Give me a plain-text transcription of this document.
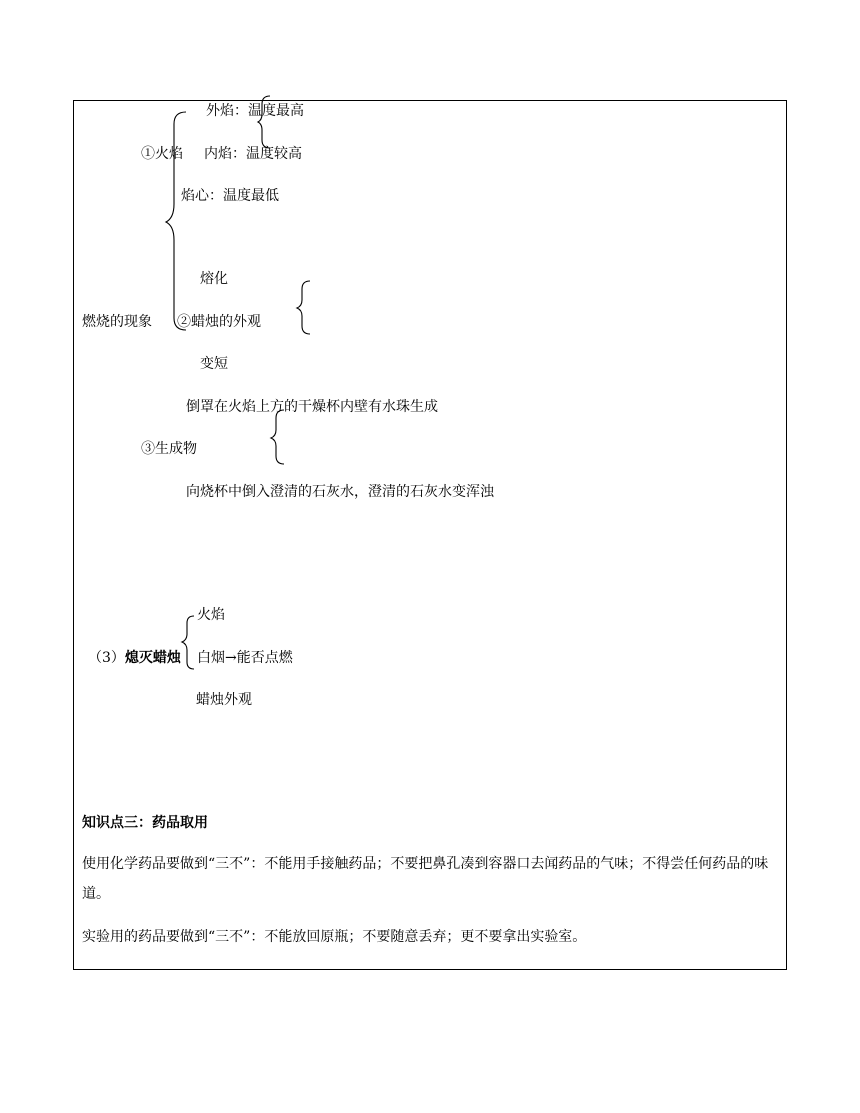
外焰：温度最高
①火焰 内焰：温度较高
焰心：温度最低
熔化
燃烧的现象 ②蜡烛的外观
变短
倒罩在火焰上方的干燥杯内壁有水珠生成
③生成物
向烧杯中倒入澄清的石灰水，澄清的石灰水变浑浊
火焰
（3）熄灭蜡烛 白烟→能否点燃
蜡烛外观
知识点三：药品取用
使用化学药品要做到“三不”：不能用手接触药品；不要把鼻孔凑到容器口去闻药品的气味；不得尝任何药品的味道。
实验用的药品要做到“三不”：不能放回原瓶；不要随意丢弃；更不要拿出实验室。
